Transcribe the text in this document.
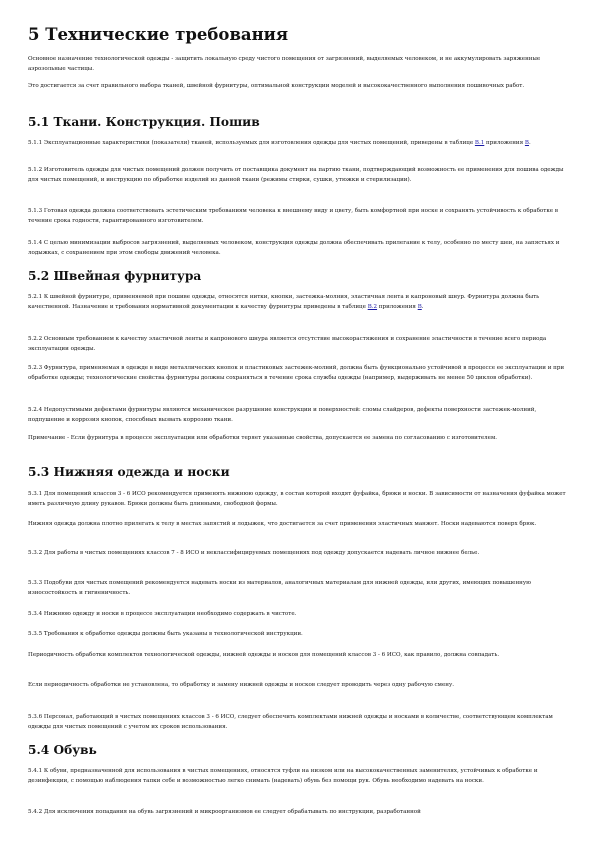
5 Технические требования

Основное назначение технологической одежды - защитить локальную среду чистого помещения от загрязнений, выделяемых человеком, и не аккумулировать заряженные аэрозольные частицы.

Это достигается за счет правильного выбора тканей, швейной фурнитуры, оптимальной конструкции моделей и высококачественного выполнения пошивочных работ.

5.1 Ткани. Конструкция. Пошив

5.1.1 Эксплуатационные характеристики (показатели) тканей, используемых для изготовления одежды для чистых помещений, приведены в таблице В.1 приложения В.

5.1.2 Изготовитель одежды для чистых помещений должен получить от поставщика документ на партию ткани, подтверждающий возможность ее применения для пошива одежды для чистых помещений, и инструкцию по обработке изделий из данной ткани (режимы стирки, сушки, утюжки и стерилизации).

5.1.3 Готовая одежда должна соответствовать эстетическим требованиям человека к внешнему виду и цвету, быть комфортной при носке и сохранять устойчивость к обработке в течение срока годности, гарантированного изготовителем.

5.1.4 С целью минимизации выбросов загрязнений, выделяемых человеком, конструкция одежды должна обеспечивать прилегание к телу, особенно по месту шеи, на запястьях и лодыжках, с сохранением при этом свободы движений человека.

5.2 Швейная фурнитура

5.2.1 К швейной фурнитуре, применяемой при пошиве одежды, относятся нитки, кнопки, застежка-молния, эластичная лента и капроновый шнур. Фурнитура должна быть качественной. Назначение и требования нормативной документации к качеству фурнитуры приведены в таблице В.2 приложения В.

5.2.2 Основным требованием к качеству эластичной ленты и капронового шнура является отсутствие высокорастяжения и сохранение эластичности в течение всего периода эксплуатации одежды.

5.2.3 Фурнитура, применяемая в одежде в виде металлических кнопок и пластиковых застежек-молний, должна быть функционально устойчивой в процессе ее эксплуатации и при обработке одежды; технологические свойства фурнитуры должны сохраняться в течение срока службы одежды (например, выдерживать не менее 50 циклов обработки).

5.2.4 Недопустимыми дефектами фурнитуры являются механическое разрушение конструкции и поверхностей: сломы слайдеров, дефекты поверхности застежек-молний, подпушение и коррозия кнопок, способных вызвать коррозию ткани.

Примечание - Если фурнитура в процессе эксплуатации или обработки теряет указанные свойства, допускается ее замена по согласованию с изготовителем.

5.3 Нижняя одежда и носки

5.3.1 Для помещений классов 3 - 6 ИСО рекомендуется применять нижнюю одежду, в состав которой входят фуфайка, брюки и носки. В зависимости от назначения фуфайка может иметь различную длину рукавов. Брюки должны быть длинными, свободной формы.

Нижняя одежда должна плотно прилегать к телу в местах запястий и лодыжек, что достигается за счет применения эластичных манжет. Носки надеваются поверх брюк.

5.3.2 Для работы в чистых помещениях классов 7 - 8 ИСО и неклассифицируемых помещениях под одежду допускается надевать личное нижнее белье.

5.3.3 Подобуви для чистых помещений рекомендуется надевать носки из материалов, аналогичных материалам для нижней одежды, или других, имеющих повышенную износостойкость и гигиеничность.

5.3.4 Нижнюю одежду и носки в процессе эксплуатации необходимо содержать в чистоте.

5.3.5 Требования к обработке одежды должны быть указаны в технологической инструкции.

Периодичность обработки комплектов технологической одежды, нижней одежды и носков для помещений классов 3 - 6 ИСО, как правило, должна совпадать.

Если периодичность обработки не установлена, то обработку и замену нижней одежды и носков следует проводить через одну рабочую смену.

5.3.6 Персонал, работающий в чистых помещениях классов 3 - 6 ИСО, следует обеспечить комплектами нижней одежды и носками в количестве, соответствующем комплектам одежды для чистых помещений с учетом их сроков использования.

5.4 Обувь

5.4.1 К обуви, предназначенной для использования в чистых помещениях, относятся туфли на низком или на высококачественных заменителях, устойчивых к обработке и дезинфекции, с помощью наблюдения тапки себе и возможностью легко снимать (надевать) обувь без помощи рук. Обувь необходимо надевать на носки.

5.4.2 Для исключения попадания на обувь загрязнений и микроорганизмов ее следует обрабатывать по инструкции, разработанной
